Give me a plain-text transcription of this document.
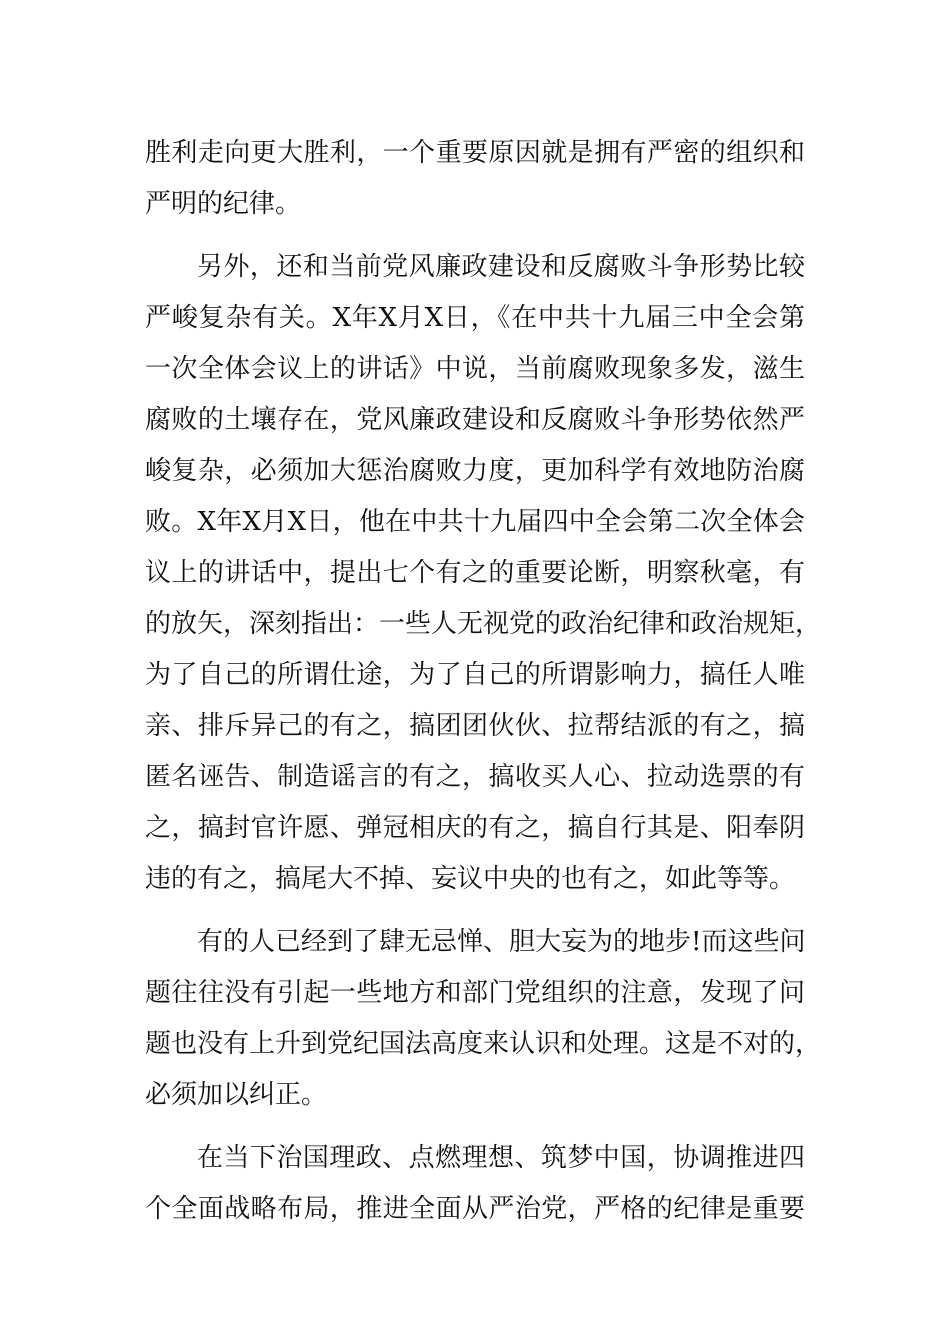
胜利走向更大胜利，一个重要原因就是拥有严密的组织和
严明的纪律。
另外，还和当前党风廉政建设和反腐败斗争形势比较
严峻复杂有关。X年X月X日，《在中共十九届三中全会第
一次全体会议上的讲话》中说，当前腐败现象多发，滋生
腐败的土壤存在，党风廉政建设和反腐败斗争形势依然严
峻复杂，必须加大惩治腐败力度，更加科学有效地防治腐
败。X年X月X日，他在中共十九届四中全会第二次全体会
议上的讲话中，提出七个有之的重要论断，明察秋毫，有
的放矢，深刻指出：一些人无视党的政治纪律和政治规矩，
为了自己的所谓仕途，为了自己的所谓影响力，搞任人唯
亲、排斥异己的有之，搞团团伙伙、拉帮结派的有之，搞
匿名诬告、制造谣言的有之，搞收买人心、拉动选票的有
之，搞封官许愿、弹冠相庆的有之，搞自行其是、阳奉阴
违的有之，搞尾大不掉、妄议中央的也有之，如此等等。
有的人已经到了肆无忌惮、胆大妄为的地步!而这些问
题往往没有引起一些地方和部门党组织的注意，发现了问
题也没有上升到党纪国法高度来认识和处理。这是不对的，
必须加以纠正。
在当下治国理政、点燃理想、筑梦中国，协调推进四
个全面战略布局，推进全面从严治党，严格的纪律是重要
